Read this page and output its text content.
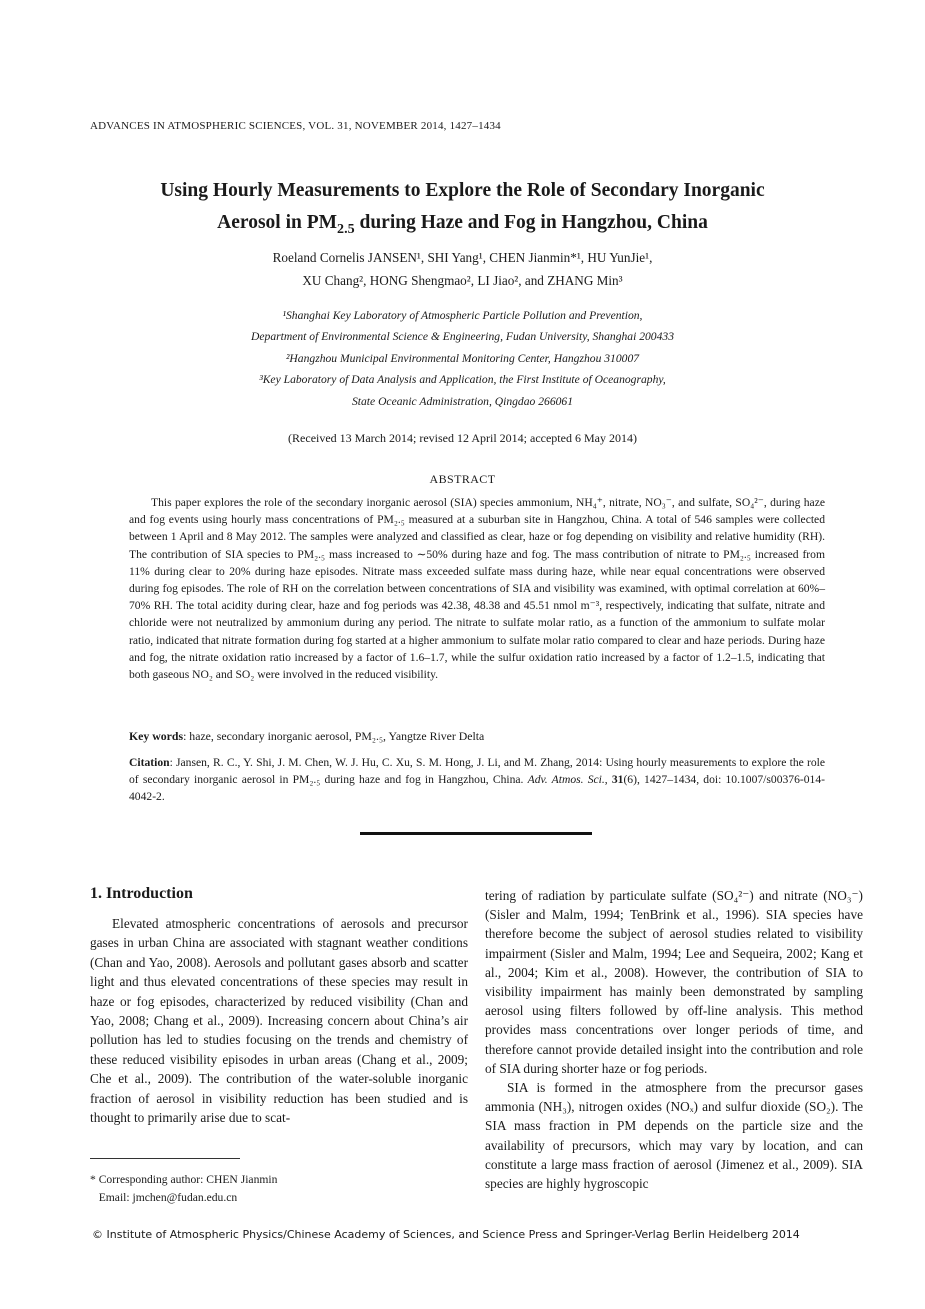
ADVANCES IN ATMOSPHERIC SCIENCES, VOL. 31, NOVEMBER 2014, 1427–1434
Using Hourly Measurements to Explore the Role of Secondary Inorganic
Aerosol in $PM_{2.5}$ during Haze and Fog in Hangzhou, China
Roeland Cornelis JANSEN¹, SHI Yang¹, CHEN Jianmin*¹, HU YunJie¹,
XU Chang², HONG Shengmao², LI Jiao², and ZHANG Min³
¹Shanghai Key Laboratory of Atmospheric Particle Pollution and Prevention,
Department of Environmental Science & Engineering, Fudan University, Shanghai 200433
²Hangzhou Municipal Environmental Monitoring Center, Hangzhou 310007
³Key Laboratory of Data Analysis and Application, the First Institute of Oceanography,
State Oceanic Administration, Qingdao 266061
(Received 13 March 2014; revised 12 April 2014; accepted 6 May 2014)
ABSTRACT
This paper explores the role of the secondary inorganic aerosol (SIA) species ammonium, NH₄⁺, nitrate, NO₃⁻, and sulfate, SO₄²⁻, during haze and fog events using hourly mass concentrations of PM₂.₅ measured at a suburban site in Hangzhou, China. A total of 546 samples were collected between 1 April and 8 May 2012. The samples were analyzed and classified as clear, haze or fog depending on visibility and relative humidity (RH). The contribution of SIA species to PM₂.₅ mass increased to ∼50% during haze and fog. The mass contribution of nitrate to PM₂.₅ increased from 11% during clear to 20% during haze episodes. Nitrate mass exceeded sulfate mass during haze, while near equal concentrations were observed during fog episodes. The role of RH on the correlation between concentrations of SIA and visibility was examined, with optimal correlation at 60%–70% RH. The total acidity during clear, haze and fog periods was 42.38, 48.38 and 45.51 nmol m⁻³, respectively, indicating that sulfate, nitrate and chloride were not neutralized by ammonium during any period. The nitrate to sulfate molar ratio, as a function of the ammonium to sulfate molar ratio, indicated that nitrate formation during fog started at a higher ammonium to sulfate molar ratio compared to clear and haze periods. During haze and fog, the nitrate oxidation ratio increased by a factor of 1.6–1.7, while the sulfur oxidation ratio increased by a factor of 1.2–1.5, indicating that both gaseous NO₂ and SO₂ were involved in the reduced visibility.
Key words: haze, secondary inorganic aerosol, PM₂.₅, Yangtze River Delta
Citation: Jansen, R. C., Y. Shi, J. M. Chen, W. J. Hu, C. Xu, S. M. Hong, J. Li, and M. Zhang, 2014: Using hourly measurements to explore the role of secondary inorganic aerosol in PM₂.₅ during haze and fog in Hangzhou, China. Adv. Atmos. Sci., 31(6), 1427–1434, doi: 10.1007/s00376-014-4042-2.
1. Introduction

Elevated atmospheric concentrations of aerosols and precursor gases in urban China are associated with stagnant weather conditions (Chan and Yao, 2008). Aerosols and pollutant gases absorb and scatter light and thus elevated concentrations of these species may result in haze or fog episodes, characterized by reduced visibility (Chan and Yao, 2008; Chang et al., 2009). Increasing concern about China’s air pollution has led to studies focusing on the trends and chemistry of these reduced visibility episodes in urban areas (Chang et al., 2009; Che et al., 2009). The contribution of the water-soluble inorganic fraction of aerosol in visibility reduction has been studied and is thought to primarily arise due to scat-

tering of radiation by particulate sulfate (SO₄²⁻) and nitrate (NO₃⁻) (Sisler and Malm, 1994; TenBrink et al., 1996). SIA species have therefore become the subject of aerosol studies related to visibility impairment (Sisler and Malm, 1994; Lee and Sequeira, 2002; Kang et al., 2004; Kim et al., 2008). However, the contribution of SIA to visibility impairment has mainly been demonstrated by sampling aerosol using filters followed by off-line analysis. This method provides mass concentrations over longer periods of time, and therefore cannot provide detailed insight into the contribution and role of SIA during shorter haze or fog periods.

SIA is formed in the atmosphere from the precursor gases ammonia (NH₃), nitrogen oxides (NOₓ) and sulfur dioxide (SO₂). The SIA mass fraction in PM depends on the particle size and the availability of precursors, which may vary by location, and can constitute a large mass fraction of aerosol (Jimenez et al., 2009). SIA species are highly hygroscopic

* Corresponding author: CHEN Jianmin
Email: jmchen@fudan.edu.cn
© Institute of Atmospheric Physics/Chinese Academy of Sciences, and Science Press and Springer-Verlag Berlin Heidelberg 2014
